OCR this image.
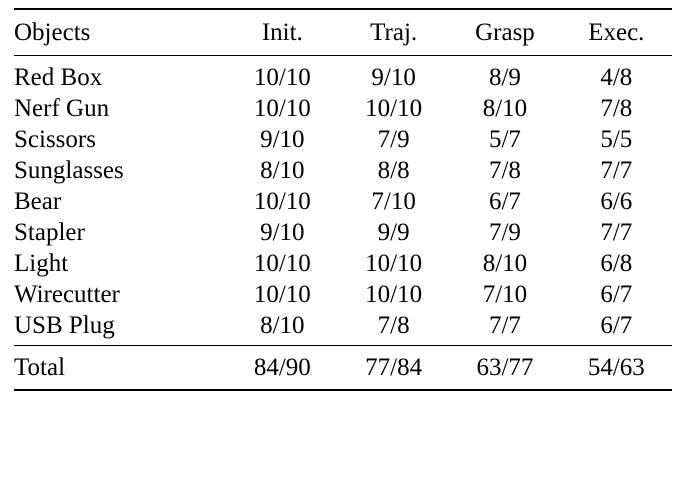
Objects	Init.	Traj.	Grasp	Exec.
Red Box	10/10	9/10	8/9	4/8
Nerf Gun	10/10	10/10	8/10	7/8
Scissors	9/10	7/9	5/7	5/5
Sunglasses	8/10	8/8	7/8	7/7
Bear	10/10	7/10	6/7	6/6
Stapler	9/10	9/9	7/9	7/7
Light	10/10	10/10	8/10	6/8
Wirecutter	10/10	10/10	7/10	6/7
USB Plug	8/10	7/8	7/7	6/7

Total	84/90	77/84	63/77	54/63
